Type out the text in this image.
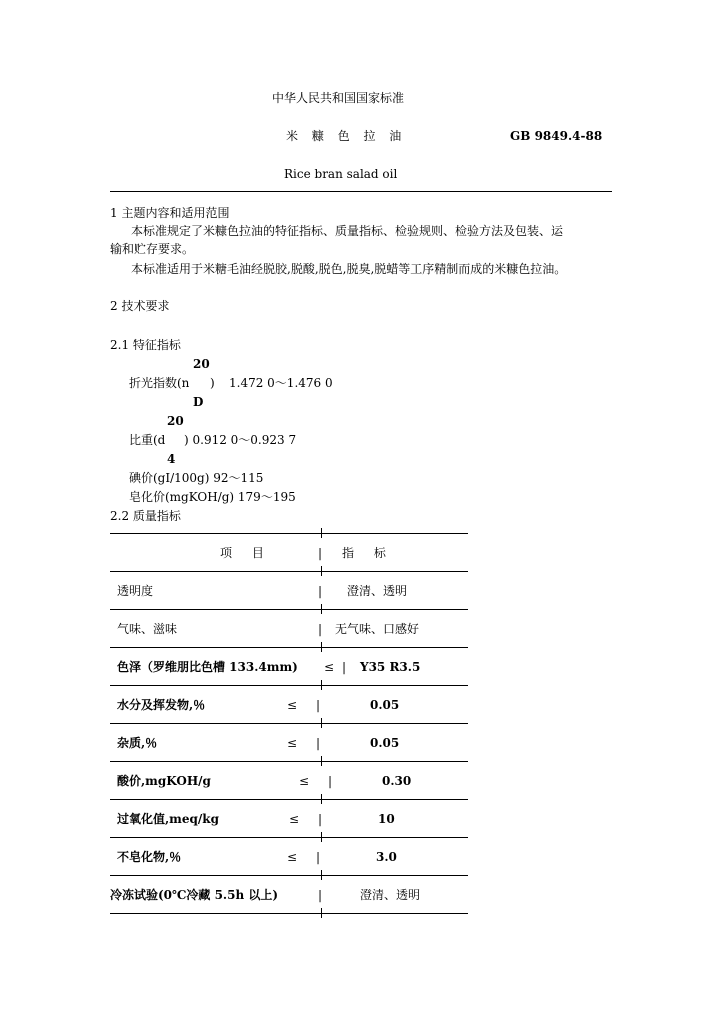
中华人民共和国国家标准
米 糠 色 拉 油	GB 9849.4-88
Rice bran salad oil
1 主题内容和适用范围
本标准规定了米糠色拉油的特征指标、质量指标、检验规则、检验方法及包装、运
输和贮存要求。
本标准适用于米糖毛油经脱胶,脱酸,脱色,脱臭,脱蜡等工序精制而成的米糠色拉油。
2 技术要求
2.1 特征指标
20
折光指数(n ) 1.472 0～1.476 0
D
20
比重(d ) 0.912 0～0.923 7
4
碘价(gI/100g) 92～115
皂化价(mgKOH/g) 179～195
2.2 质量指标
项 目	| 指 标
透明度	| 澄清、透明
气味、滋味	| 无气味、口感好
色泽（罗维朋比色槽 133.4mm) ≤ | Y35 R3.5
水分及挥发物,％	≤ |	0.05
杂质,％	≤ |	0.05
酸价,mgKOH/g	≤ |	0.30
过氧化值,meq/kg	≤ |	10
不皂化物,％	≤ |	3.0
冷冻试验(0℃冷藏 5.5h 以上)	|	澄清、透明
